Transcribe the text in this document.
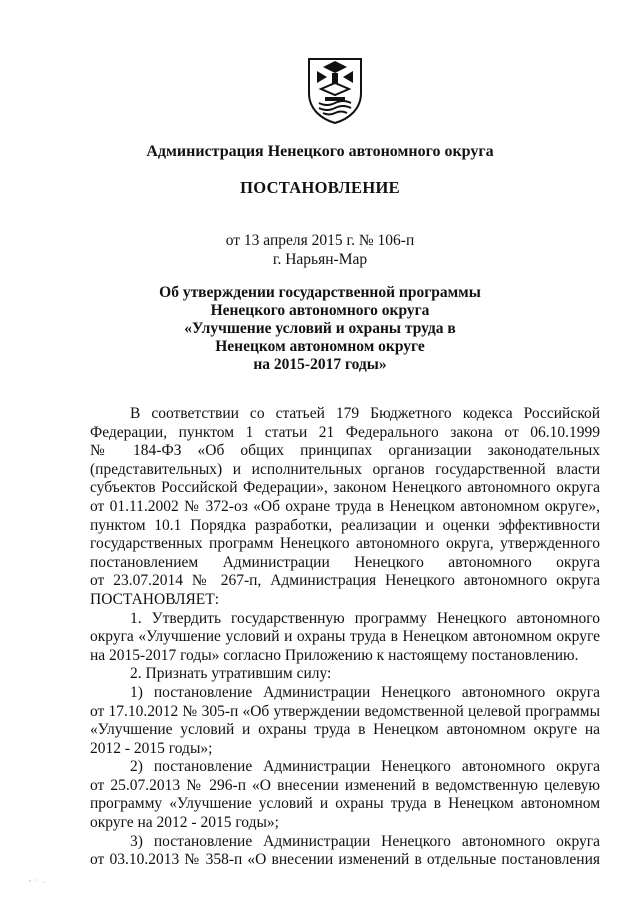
Администрация Ненецкого автономного округа
ПОСТАНОВЛЕНИЕ
от 13 апреля 2015 г. № 106-п
г. Нарьян-Мар
Об утверждении государственной программы
Ненецкого автономного округа
«Улучшение условий и охраны труда в
Ненецком автономном округе
на 2015-2017 годы»
В соответствии со статьей 179 Бюджетного кодекса Российской
Федерации, пунктом 1 статьи 21 Федерального закона от 06.10.1999
№ 184-ФЗ «Об общих принципах организации законодательных
(представительных) и исполнительных органов государственной власти
субъектов Российской Федерации», законом Ненецкого автономного округа
от 01.11.2002 № 372-оз «Об охране труда в Ненецком автономном округе»,
пунктом 10.1 Порядка разработки, реализации и оценки эффективности
государственных программ Ненецкого автономного округа, утвержденного
постановлением Администрации Ненецкого автономного округа
от 23.07.2014 № 267-п, Администрация Ненецкого автономного округа
ПОСТАНОВЛЯЕТ:
1. Утвердить государственную программу Ненецкого автономного
округа «Улучшение условий и охраны труда в Ненецком автономном округе
на 2015-2017 годы» согласно Приложению к настоящему постановлению.
2. Признать утратившим силу:
1) постановление Администрации Ненецкого автономного округа
от 17.10.2012 № 305-п «Об утверждении ведомственной целевой программы
«Улучшение условий и охраны труда в Ненецком автономном округе на
2012 - 2015 годы»;
2) постановление Администрации Ненецкого автономного округа
от 25.07.2013 № 296-п «О внесении изменений в ведомственную целевую
программу «Улучшение условий и охраны труда в Ненецком автономном
округе на 2012 - 2015 годы»;
3) постановление Администрации Ненецкого автономного округа
от 03.10.2013 № 358-п «О внесении изменений в отдельные постановления
